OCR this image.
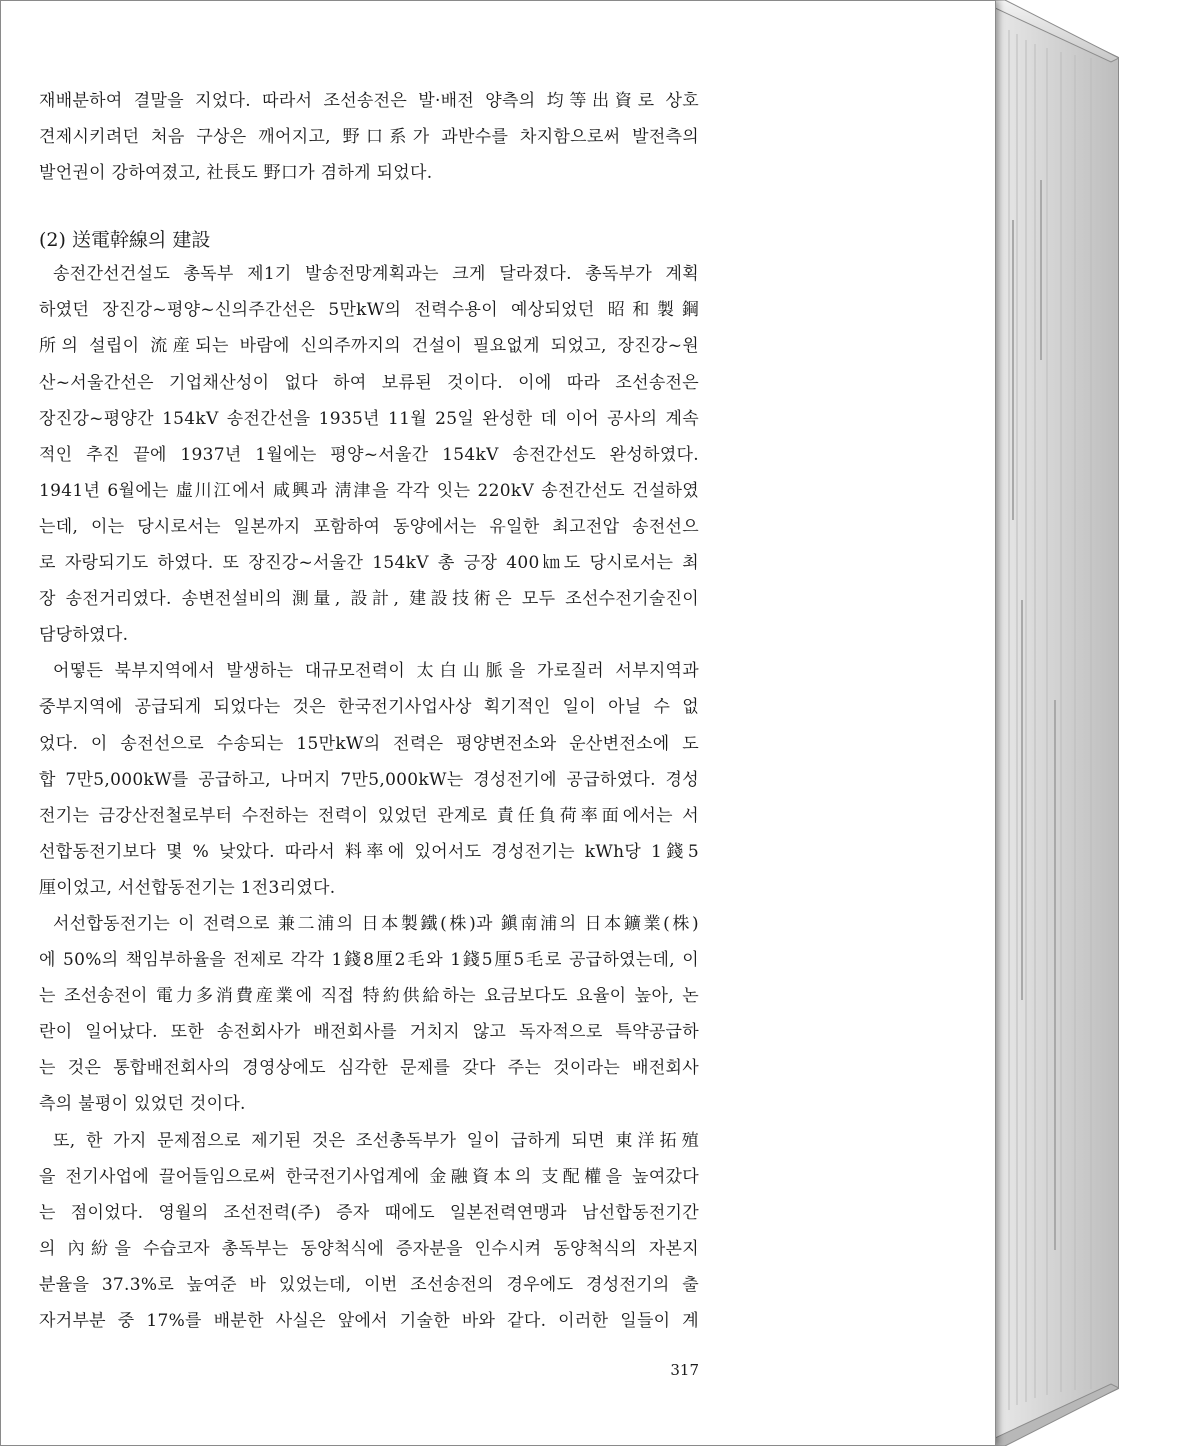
재배분하여 결말을 지었다. 따라서 조선송전은 발·배전 양측의 均等出資로 상호
견제시키려던 처음 구상은 깨어지고, 野口系가 과반수를 차지함으로써 발전측의
발언권이 강하여졌고, 社長도 野口가 겸하게 되었다.
(2) 送電幹線의 建設
송전간선건설도 총독부 제1기 발송전망계획과는 크게 달라졌다. 총독부가 계획
하였던 장진강~평양~신의주간선은 5만kW의 전력수용이 예상되었던 昭和製鋼
所의 설립이 流産되는 바람에 신의주까지의 건설이 필요없게 되었고, 장진강~원
산~서울간선은 기업채산성이 없다 하여 보류된 것이다. 이에 따라 조선송전은
장진강~평양간 154kV 송전간선을 1935년 11월 25일 완성한 데 이어 공사의 계속
적인 추진 끝에 1937년 1월에는 평양~서울간 154kV 송전간선도 완성하였다.
1941년 6월에는 虛川江에서 咸興과 淸津을 각각 잇는 220kV 송전간선도 건설하였
는데, 이는 당시로서는 일본까지 포함하여 동양에서는 유일한 최고전압 송전선으
로 자랑되기도 하였다. 또 장진강~서울간 154kV 총 긍장 400㎞도 당시로서는 최
장 송전거리였다. 송변전설비의 測量, 設計, 建設技術은 모두 조선수전기술진이
담당하였다.
어떻든 북부지역에서 발생하는 대규모전력이 太白山脈을 가로질러 서부지역과
중부지역에 공급되게 되었다는 것은 한국전기사업사상 획기적인 일이 아닐 수 없
었다. 이 송전선으로 수송되는 15만kW의 전력은 평양변전소와 운산변전소에 도
합 7만5,000kW를 공급하고, 나머지 7만5,000kW는 경성전기에 공급하였다. 경성
전기는 금강산전철로부터 수전하는 전력이 있었던 관계로 責任負荷率面에서는 서
선합동전기보다 몇 % 낮았다. 따라서 料率에 있어서도 경성전기는 kWh당 1錢5
厘이었고, 서선합동전기는 1전3리였다.
서선합동전기는 이 전력으로 兼二浦의 日本製鐵(株)과 鎭南浦의 日本鑛業(株)
에 50%의 책임부하율을 전제로 각각 1錢8厘2毛와 1錢5厘5毛로 공급하였는데, 이
는 조선송전이 電力多消費産業에 직접 特約供給하는 요금보다도 요율이 높아, 논
란이 일어났다. 또한 송전회사가 배전회사를 거치지 않고 독자적으로 특약공급하
는 것은 통합배전회사의 경영상에도 심각한 문제를 갖다 주는 것이라는 배전회사
측의 불평이 있었던 것이다.
또, 한 가지 문제점으로 제기된 것은 조선총독부가 일이 급하게 되면 東洋拓殖
을 전기사업에 끌어들임으로써 한국전기사업계에 金融資本의 支配權을 높여갔다
는 점이었다. 영월의 조선전력(주) 증자 때에도 일본전력연맹과 남선합동전기간
의 內紛을 수습코자 총독부는 동양척식에 증자분을 인수시켜 동양척식의 자본지
분율을 37.3%로 높여준 바 있었는데, 이번 조선송전의 경우에도 경성전기의 출
자거부분 중 17%를 배분한 사실은 앞에서 기술한 바와 같다. 이러한 일들이 계
317
